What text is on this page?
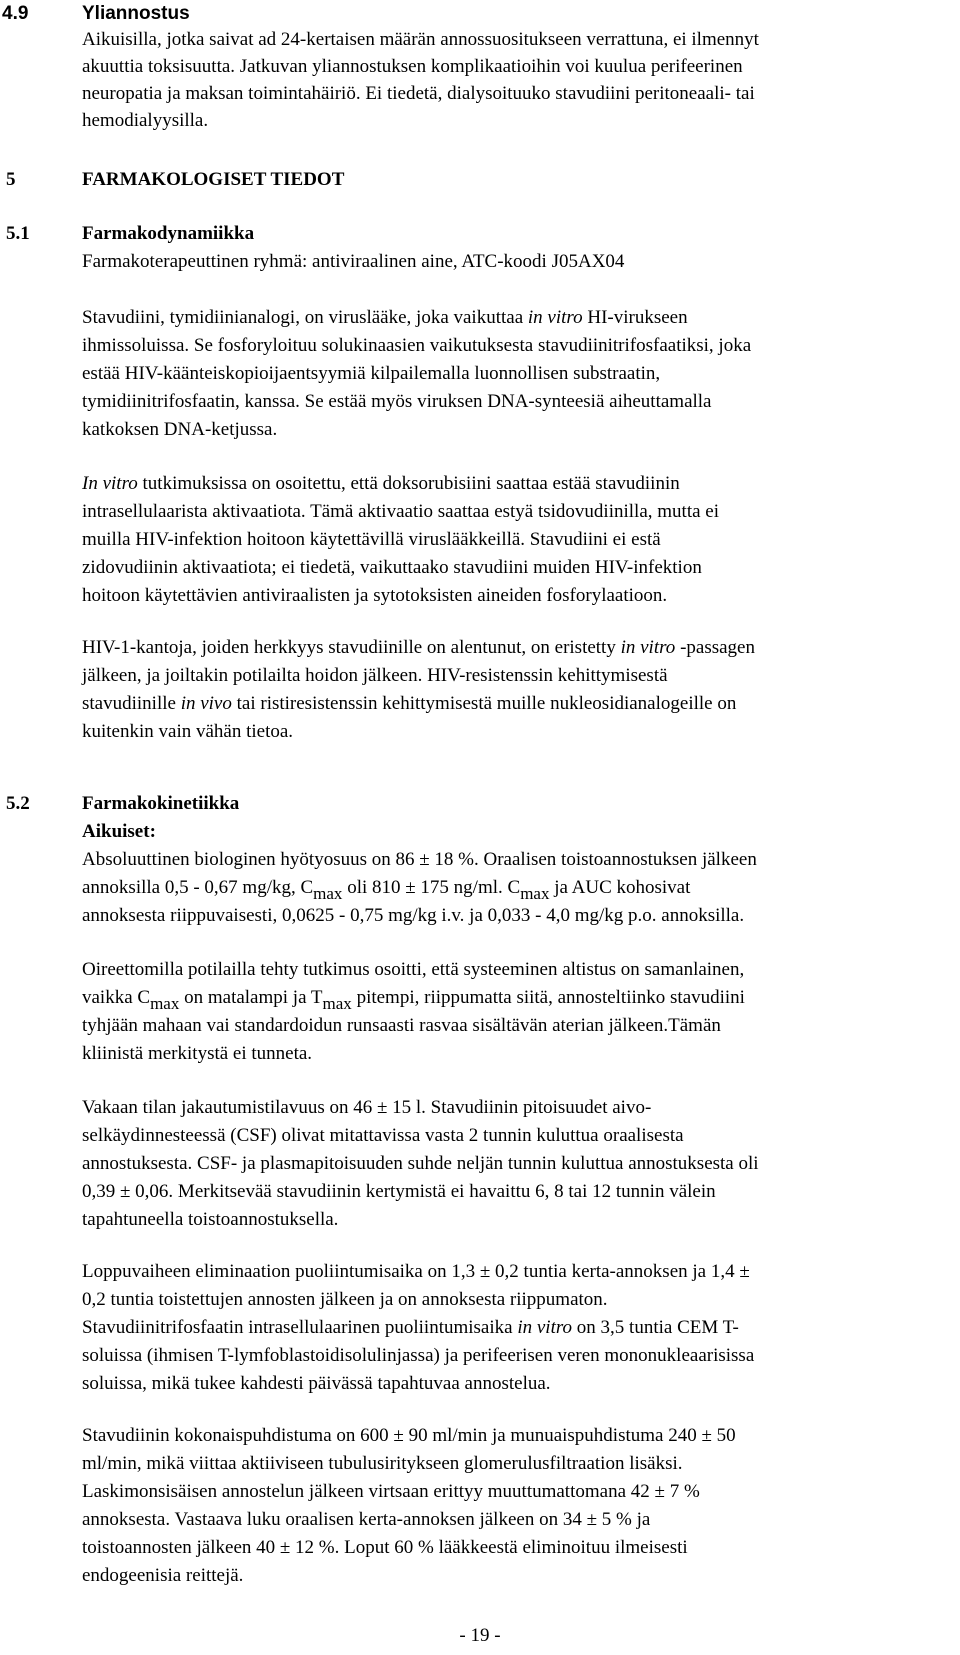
4.9	Yliannostus
Aikuisilla, jotka saivat ad 24-kertaisen määrän annossuositukseen verrattuna, ei ilmennyt
akuuttia toksisuutta. Jatkuvan yliannostuksen komplikaatioihin voi kuulua perifeerinen
neuropatia ja maksan toimintahäiriö. Ei tiedetä, dialysoituuko stavudiini peritoneaali- tai
hemodialyysilla.
5	FARMAKOLOGISET TIEDOT
5.1	Farmakodynamiikka
Farmakoterapeuttinen ryhmä: antiviraalinen aine, ATC-koodi J05AX04
Stavudiini, tymidiinianalogi, on viruslääke, joka vaikuttaa in vitro HI-virukseen
ihmissoluissa. Se fosforyloituu solukinaasien vaikutuksesta stavudiinitrifosfaatiksi, joka
estää HIV-käänteiskopioijaentsyymiä kilpailemalla luonnollisen substraatin,
tymidiinitrifosfaatin, kanssa. Se estää myös viruksen DNA-synteesiä aiheuttamalla
katkoksen DNA-ketjussa.
In vitro tutkimuksissa on osoitettu, että doksorubisiini saattaa estää stavudiinin
intrasellulaarista aktivaatiota. Tämä aktivaatio saattaa estyä tsidovudiinilla, mutta ei
muilla HIV-infektion hoitoon käytettävillä viruslääkkeillä. Stavudiini ei estä
zidovudiinin aktivaatiota; ei tiedetä, vaikuttaako stavudiini muiden HIV-infektion
hoitoon käytettävien antiviraalisten ja sytotoksisten aineiden fosforylaatioon.
HIV-1-kantoja, joiden herkkyys stavudiinille on alentunut, on eristetty in vitro -passagen
jälkeen, ja joiltakin potilailta hoidon jälkeen. HIV-resistenssin kehittymisestä
stavudiinille in vivo tai ristiresistenssin kehittymisestä muille nukleosidianalogeille on
kuitenkin vain vähän tietoa.
5.2	Farmakokinetiikka
Aikuiset:
Absoluuttinen biologinen hyötyosuus on 86 ± 18 %. Oraalisen toistoannostuksen jälkeen
annoksilla 0,5 - 0,67 mg/kg, Cmax oli 810 ± 175 ng/ml. Cmax ja AUC kohosivat
annoksesta riippuvaisesti, 0,0625 - 0,75 mg/kg i.v. ja 0,033 - 4,0 mg/kg p.o. annoksilla.
Oireettomilla potilailla tehty tutkimus osoitti, että systeeminen altistus on samanlainen,
vaikka Cmax on matalampi ja Tmax pitempi, riippumatta siitä, annosteltiinko stavudiini
tyhjään mahaan vai standardoidun runsaasti rasvaa sisältävän aterian jälkeen.Tämän
kliinistä merkitystä ei tunneta.
Vakaan tilan jakautumistilavuus on 46 ± 15 l. Stavudiinin pitoisuudet aivo-
selkäydinnesteessä (CSF) olivat mitattavissa vasta 2 tunnin kuluttua oraalisesta
annostuksesta. CSF- ja plasmapitoisuuden suhde neljän tunnin kuluttua annostuksesta oli
0,39 ± 0,06. Merkitsevää stavudiinin kertymistä ei havaittu 6, 8 tai 12 tunnin välein
tapahtuneella toistoannostuksella.
Loppuvaiheen eliminaation puoliintumisaika on 1,3 ± 0,2 tuntia kerta-annoksen ja 1,4 ±
0,2 tuntia toistettujen annosten jälkeen ja on annoksesta riippumaton.
Stavudiinitrifosfaatin intrasellulaarinen puoliintumisaika in vitro on 3,5 tuntia CEM T-
soluissa (ihmisen T-lymfoblastoidisolulinjassa) ja perifeerisen veren mononukleaarisissa
soluissa, mikä tukee kahdesti päivässä tapahtuvaa annostelua.
Stavudiinin kokonaispuhdistuma on 600 ± 90 ml/min ja munuaispuhdistuma 240 ± 50
ml/min, mikä viittaa aktiiviseen tubulusiritykseen glomerulusfiltraation lisäksi.
Laskimonsisäisen annostelun jälkeen virtsaan erittyy muuttumattomana 42 ± 7 %
annoksesta. Vastaava luku oraalisen kerta-annoksen jälkeen on 34 ± 5 % ja
toistoannosten jälkeen 40 ± 12 %. Loput 60 % lääkkeestä eliminoituu ilmeisesti
endogeenisia reittejä.
- 19 -
